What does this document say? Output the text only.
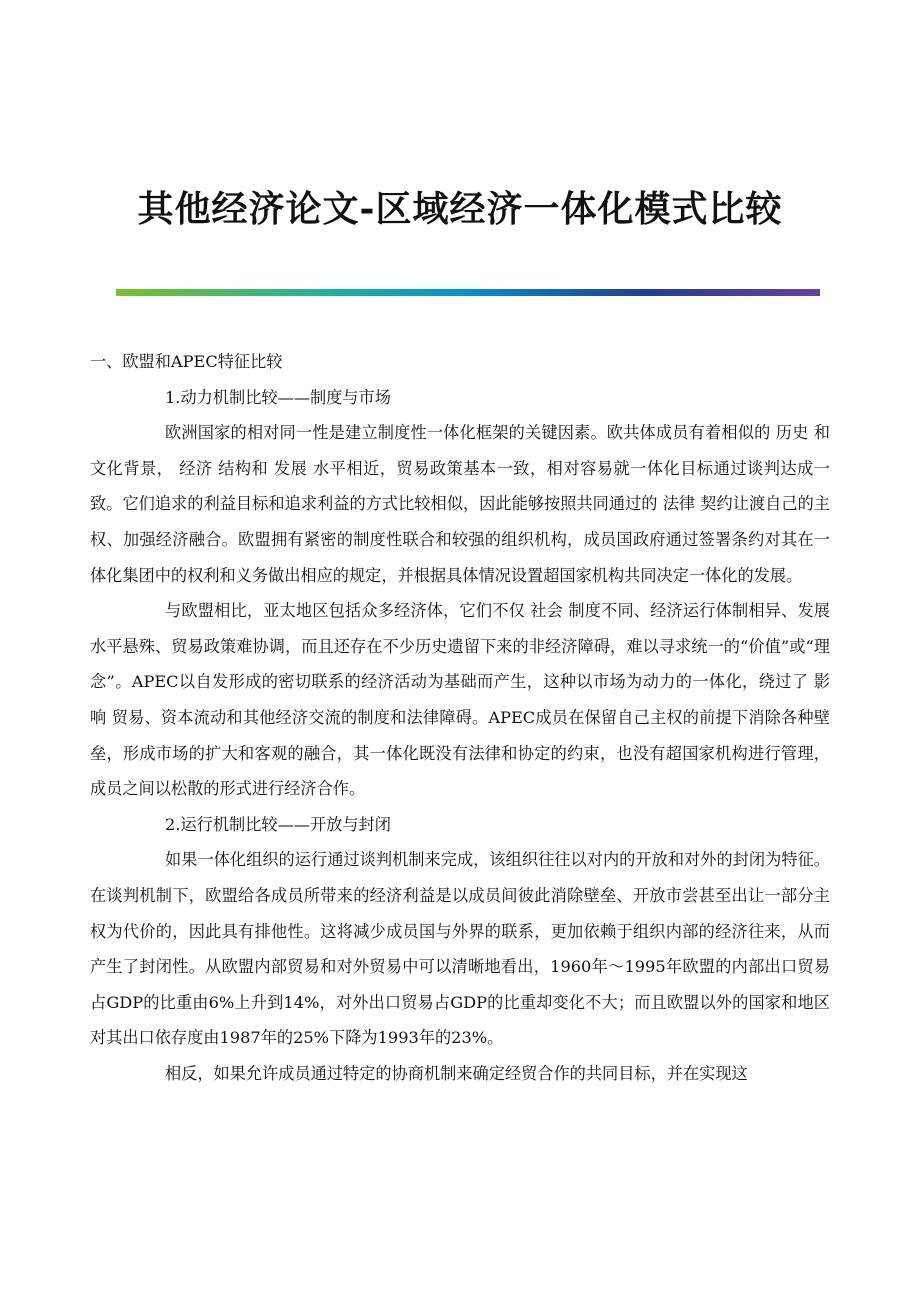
其他经济论文-区域经济一体化模式比较

一、欧盟和APEC特征比较

1.动力机制比较——制度与市场

欧洲国家的相对同一性是建立制度性一体化框架的关键因素。欧共体成员有着相似的 历史 和文化背景， 经济 结构和 发展 水平相近，贸易政策基本一致，相对容易就一体化目标通过谈判达成一致。它们追求的利益目标和追求利益的方式比较相似，因此能够按照共同通过的 法律 契约让渡自己的主权、加强经济融合。欧盟拥有紧密的制度性联合和较强的组织机构，成员国政府通过签署条约对其在一体化集团中的权利和义务做出相应的规定，并根据具体情况设置超国家机构共同决定一体化的发展。

与欧盟相比，亚太地区包括众多经济体，它们不仅 社会 制度不同、经济运行体制相异、发展水平悬殊、贸易政策难协调，而且还存在不少历史遗留下来的非经济障碍，难以寻求统一的“价值”或“理念”。APEC以自发形成的密切联系的经济活动为基础而产生，这种以市场为动力的一体化，绕过了 影响 贸易、资本流动和其他经济交流的制度和法律障碍。APEC成员在保留自己主权的前提下消除各种壁垒，形成市场的扩大和客观的融合，其一体化既没有法律和协定的约束，也没有超国家机构进行管理，成员之间以松散的形式进行经济合作。

2.运行机制比较——开放与封闭

如果一体化组织的运行通过谈判机制来完成，该组织往往以对内的开放和对外的封闭为特征。在谈判机制下，欧盟给各成员所带来的经济利益是以成员间彼此消除壁垒、开放市尝甚至出让一部分主权为代价的，因此具有排他性。这将减少成员国与外界的联系，更加依赖于组织内部的经济往来，从而产生了封闭性。从欧盟内部贸易和对外贸易中可以清晰地看出，1960年～1995年欧盟的内部出口贸易占GDP的比重由6%上升到14%，对外出口贸易占GDP的比重却变化不大；而且欧盟以外的国家和地区对其出口依存度由1987年的25%下降为1993年的23%。

相反，如果允许成员通过特定的协商机制来确定经贸合作的共同目标，并在实现这
